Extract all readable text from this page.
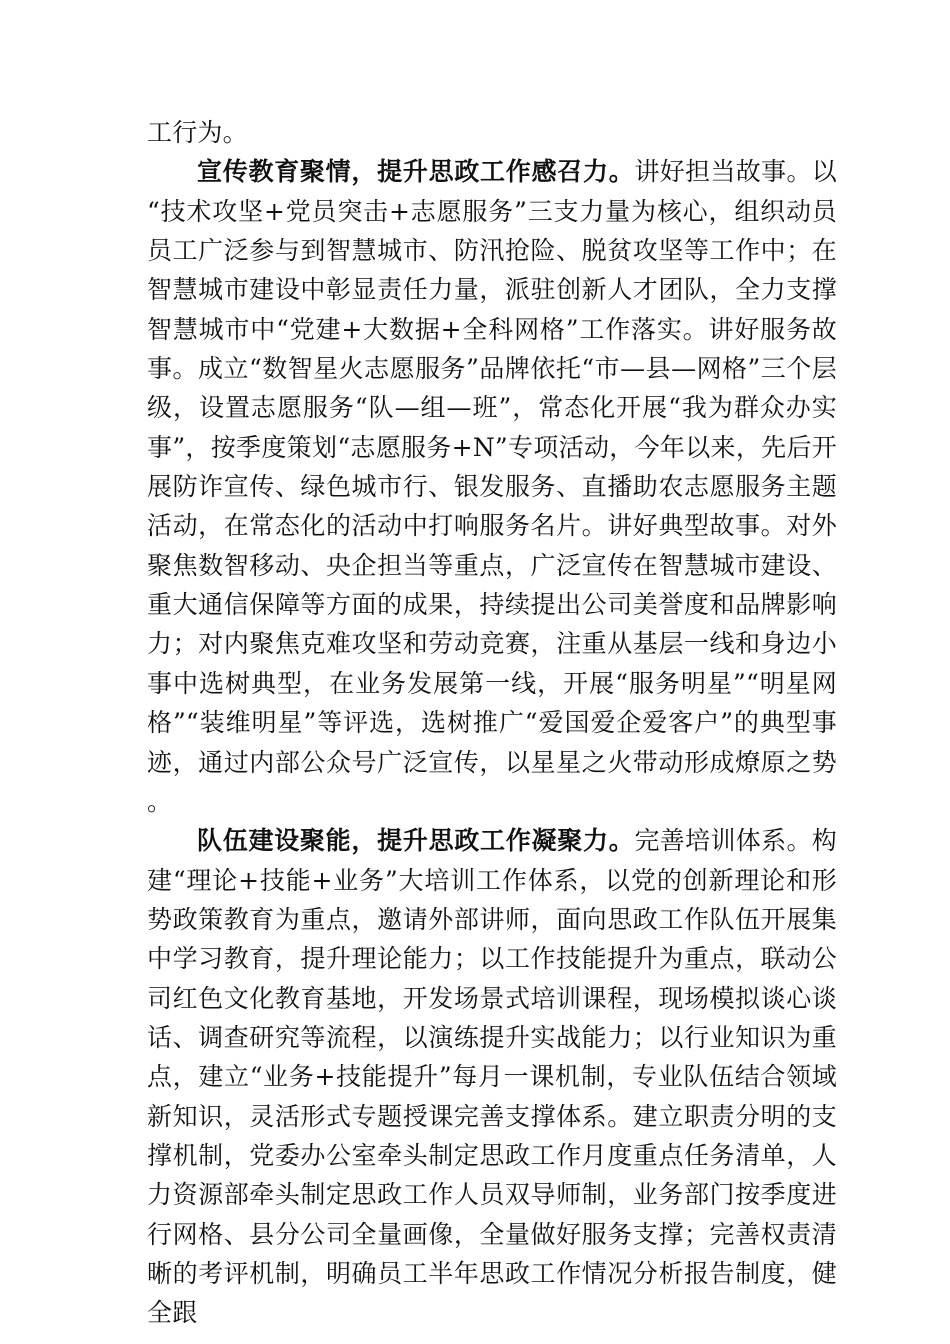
工行为。

宣传教育聚情，提升思政工作感召力。讲好担当故事。以“技术攻坚+党员突击+志愿服务”三支力量为核心，组织动员员工广泛参与到智慧城市、防汛抢险、脱贫攻坚等工作中；在智慧城市建设中彰显责任力量，派驻创新人才团队，全力支撑智慧城市中“党建+大数据+全科网格”工作落实。讲好服务故事。成立“数智星火志愿服务”品牌依托“市—县—网格”三个层级，设置志愿服务“队—组—班”，常态化开展“我为群众办实事”，按季度策划“志愿服务+N”专项活动，今年以来，先后开展防诈宣传、绿色城市行、银发服务、直播助农志愿服务主题活动，在常态化的活动中打响服务名片。讲好典型故事。对外聚焦数智移动、央企担当等重点，广泛宣传在智慧城市建设、重大通信保障等方面的成果，持续提出公司美誉度和品牌影响力；对内聚焦克难攻坚和劳动竞赛，注重从基层一线和身边小事中选树典型，在业务发展第一线，开展“服务明星”“明星网格”“装维明星”等评选，选树推广“爱国爱企爱客户”的典型事迹，通过内部公众号广泛宣传，以星星之火带动形成燎原之势。

队伍建设聚能，提升思政工作凝聚力。完善培训体系。构建“理论+技能+业务”大培训工作体系，以党的创新理论和形势政策教育为重点，邀请外部讲师，面向思政工作队伍开展集中学习教育，提升理论能力；以工作技能提升为重点，联动公司红色文化教育基地，开发场景式培训课程，现场模拟谈心谈话、调查研究等流程，以演练提升实战能力；以行业知识为重点，建立“业务+技能提升”每月一课机制，专业队伍结合领域新知识，灵活形式专题授课完善支撑体系。建立职责分明的支撑机制，党委办公室牵头制定思政工作月度重点任务清单，人力资源部牵头制定思政工作人员双导师制，业务部门按季度进行网格、县分公司全量画像，全量做好服务支撑；完善权责清晰的考评机制，明确员工半年思政工作情况分析报告制度，健全跟
